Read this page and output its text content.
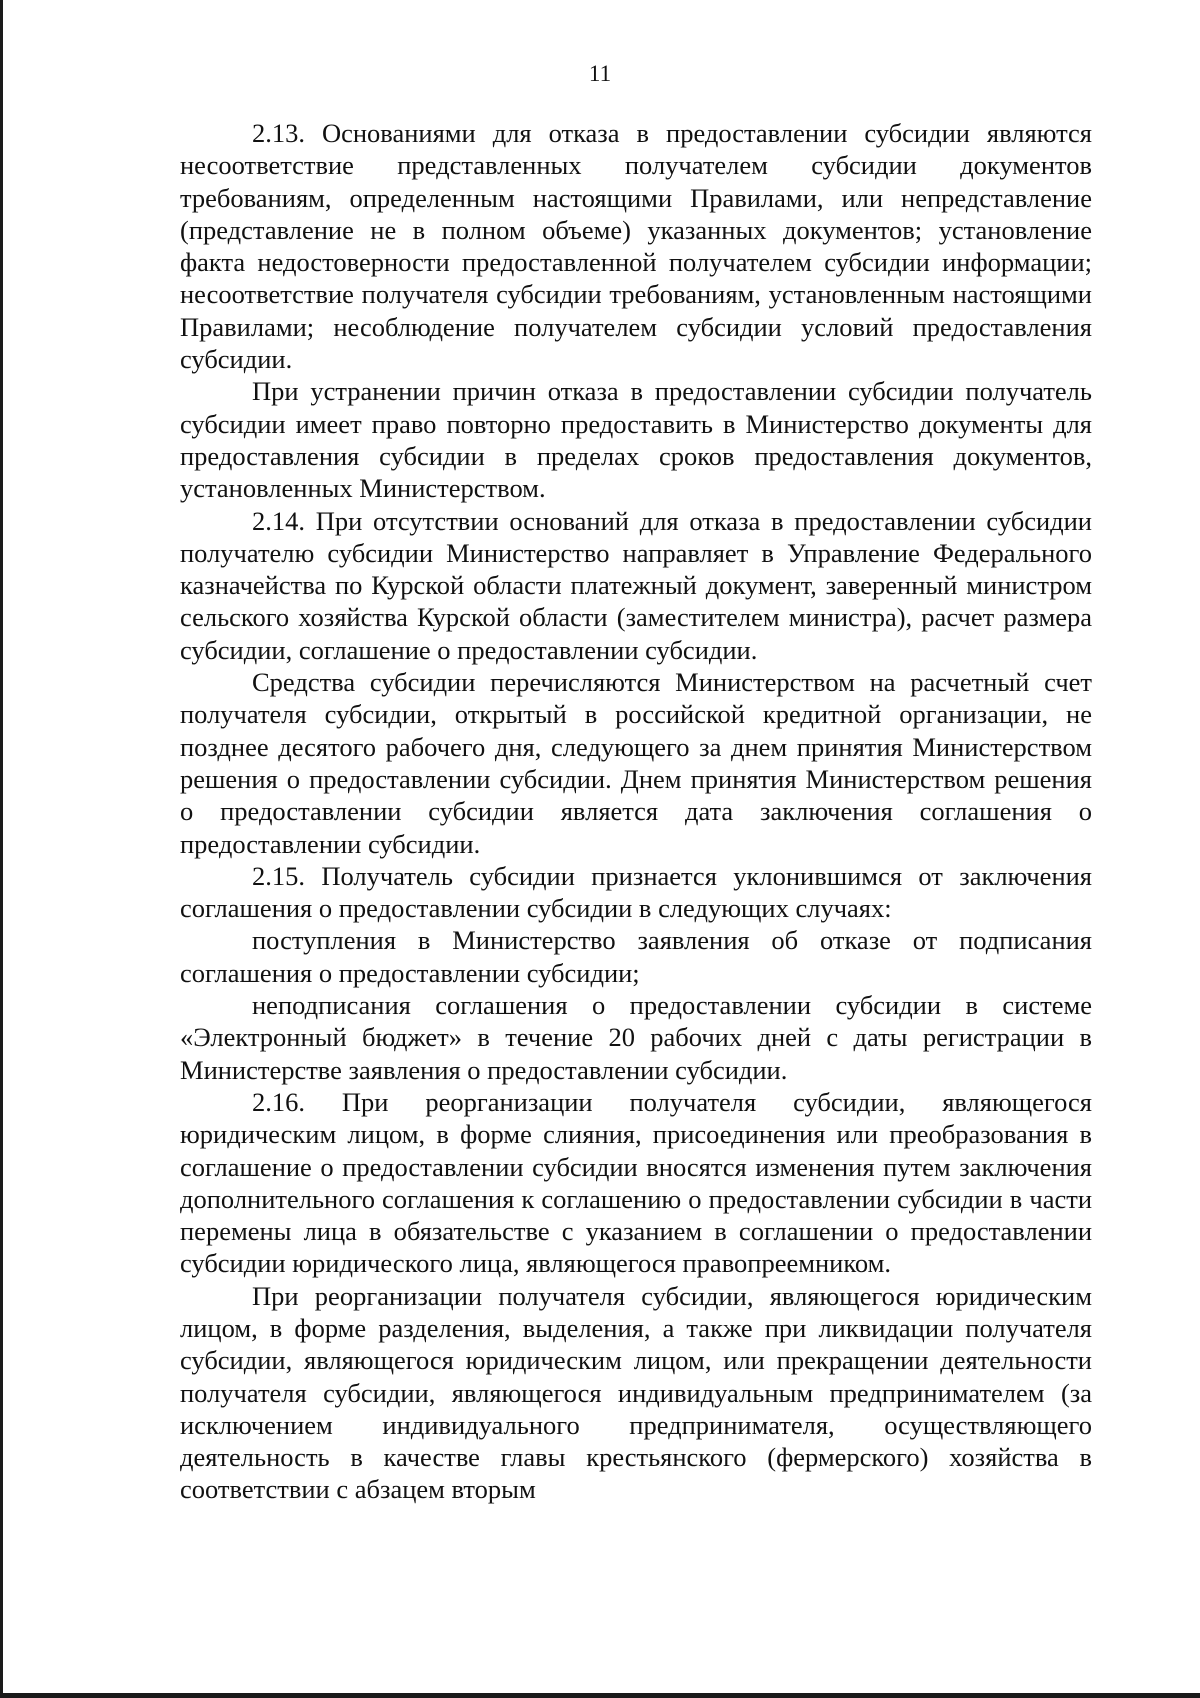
11

2.13. Основаниями для отказа в предоставлении субсидии являются несоответствие представленных получателем субсидии документов требованиям, определенным настоящими Правилами, или непредставление (представление не в полном объеме) указанных документов; установление факта недостоверности предоставленной получателем субсидии информации; несоответствие получателя субсидии требованиям, установленным настоящими Правилами; несоблюдение получателем субсидии условий предоставления субсидии.

При устранении причин отказа в предоставлении субсидии получатель субсидии имеет право повторно предоставить в Министерство документы для предоставления субсидии в пределах сроков предоставления документов, установленных Министерством.

2.14. При отсутствии оснований для отказа в предоставлении субсидии получателю субсидии Министерство направляет в Управление Федерального казначейства по Курской области платежный документ, заверенный министром сельского хозяйства Курской области (заместителем министра), расчет размера субсидии, соглашение о предоставлении субсидии.

Средства субсидии перечисляются Министерством на расчетный счет получателя субсидии, открытый в российской кредитной организации, не позднее десятого рабочего дня, следующего за днем принятия Министерством решения о предоставлении субсидии. Днем принятия Министерством решения о предоставлении субсидии является дата заключения соглашения о предоставлении субсидии.

2.15. Получатель субсидии признается уклонившимся от заключения соглашения о предоставлении субсидии в следующих случаях:

поступления в Министерство заявления об отказе от подписания соглашения о предоставлении субсидии;

неподписания соглашения о предоставлении субсидии в системе «Электронный бюджет» в течение 20 рабочих дней с даты регистрации в Министерстве заявления о предоставлении субсидии.

2.16. При реорганизации получателя субсидии, являющегося юридическим лицом, в форме слияния, присоединения или преобразования в соглашение о предоставлении субсидии вносятся изменения путем заключения дополнительного соглашения к соглашению о предоставлении субсидии в части перемены лица в обязательстве с указанием в соглашении о предоставлении субсидии юридического лица, являющегося правопреемником.

При реорганизации получателя субсидии, являющегося юридическим лицом, в форме разделения, выделения, а также при ликвидации получателя субсидии, являющегося юридическим лицом, или прекращении деятельности получателя субсидии, являющегося индивидуальным предпринимателем (за исключением индивидуального предпринимателя, осуществляющего деятельность в качестве главы крестьянского (фермерского) хозяйства в соответствии с абзацем вторым
